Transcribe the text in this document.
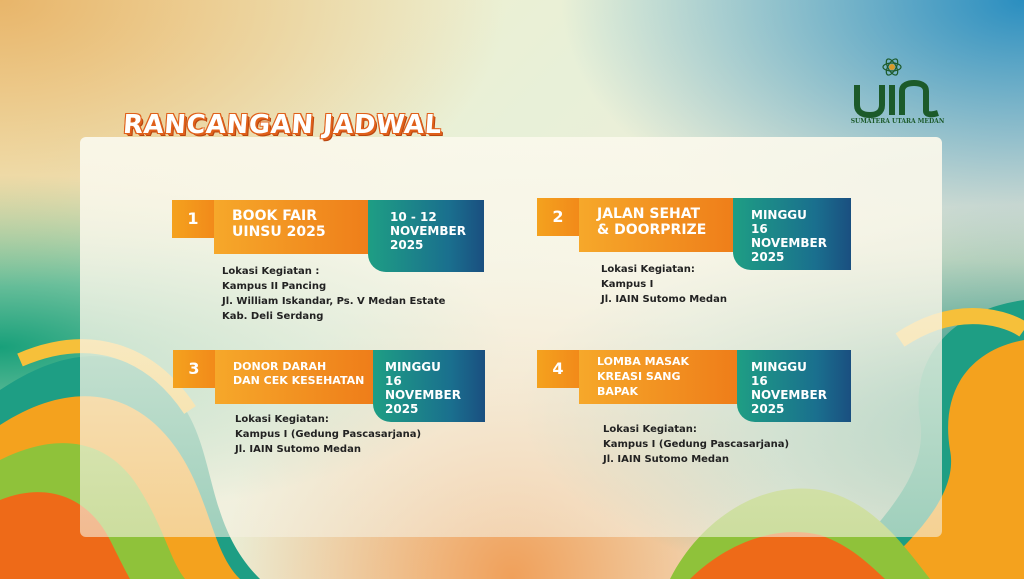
RANCANGAN JADWAL	SUMATERA UTARA MEDAN
1	BOOK FAIR
UINSU 2025
10 - 12
NOVEMBER
2025
Lokasi Kegiatan :
Kampus II Pancing
Jl. William Iskandar, Ps. V Medan Estate
Kab. Deli Serdang
2	JALAN SEHAT
& DOORPRIZE
MINGGU
16 NOVEMBER
2025
Lokasi Kegiatan:
Kampus I
Jl. IAIN Sutomo Medan
3	DONOR DARAH
DAN CEK KESEHATAN
MINGGU
16 NOVEMBER
2025
Lokasi Kegiatan:
Kampus I (Gedung Pascasarjana)
Jl. IAIN Sutomo Medan
4	LOMBA MASAK
KREASI SANG
BAPAK
MINGGU
16 NOVEMBER
2025
Lokasi Kegiatan:
Kampus I (Gedung Pascasarjana)
Jl. IAIN Sutomo Medan
